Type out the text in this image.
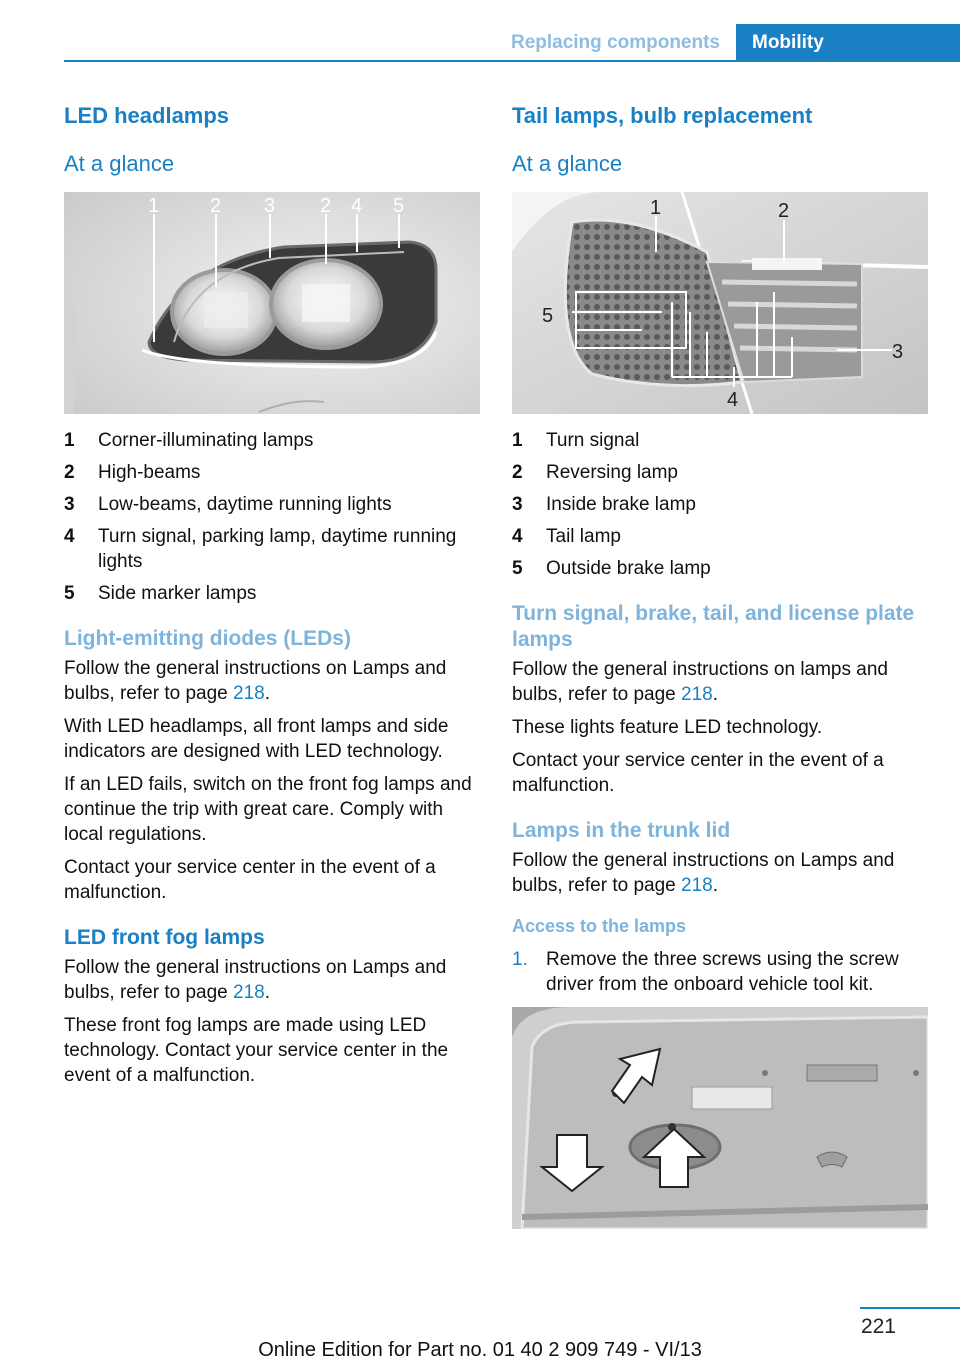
Replacing components	Mobility
LED headlamps
At a glance
1	2 3 2 4 5
1	Corner-illuminating lamps
2	High-beams
3	Low-beams, daytime running lights
4	Turn signal, parking lamp, daytime running lights
5	Side marker lamps
Light-emitting diodes (LEDs)

Follow the general instructions on Lamps and bulbs, refer to page 218.

With LED headlamps, all front lamps and side indicators are designed with LED technology.

If an LED fails, switch on the front fog lamps and continue the trip with great care. Comply with local regulations.

Contact your service center in the event of a malfunction.

LED front fog lamps

Follow the general instructions on Lamps and bulbs, refer to page 218.

These front fog lamps are made using LED technology. Contact your service center in the event of a malfunction.

Tail lamps, bulb replacement
At a glance
1	2
3
4
5
1	Turn signal
2	Reversing lamp
3	Inside brake lamp
4	Tail lamp
5	Outside brake lamp
Turn signal, brake, tail, and license plate lamps

Follow the general instructions on lamps and bulbs, refer to page 218.

These lights feature LED technology.

Contact your service center in the event of a malfunction.

Lamps in the trunk lid

Follow the general instructions on Lamps and bulbs, refer to page 218.

Access to the lamps
1. Remove the three screws using the screw driver from the onboard vehicle tool kit.
221
Online Edition for Part no. 01 40 2 909 749 - VI/13
